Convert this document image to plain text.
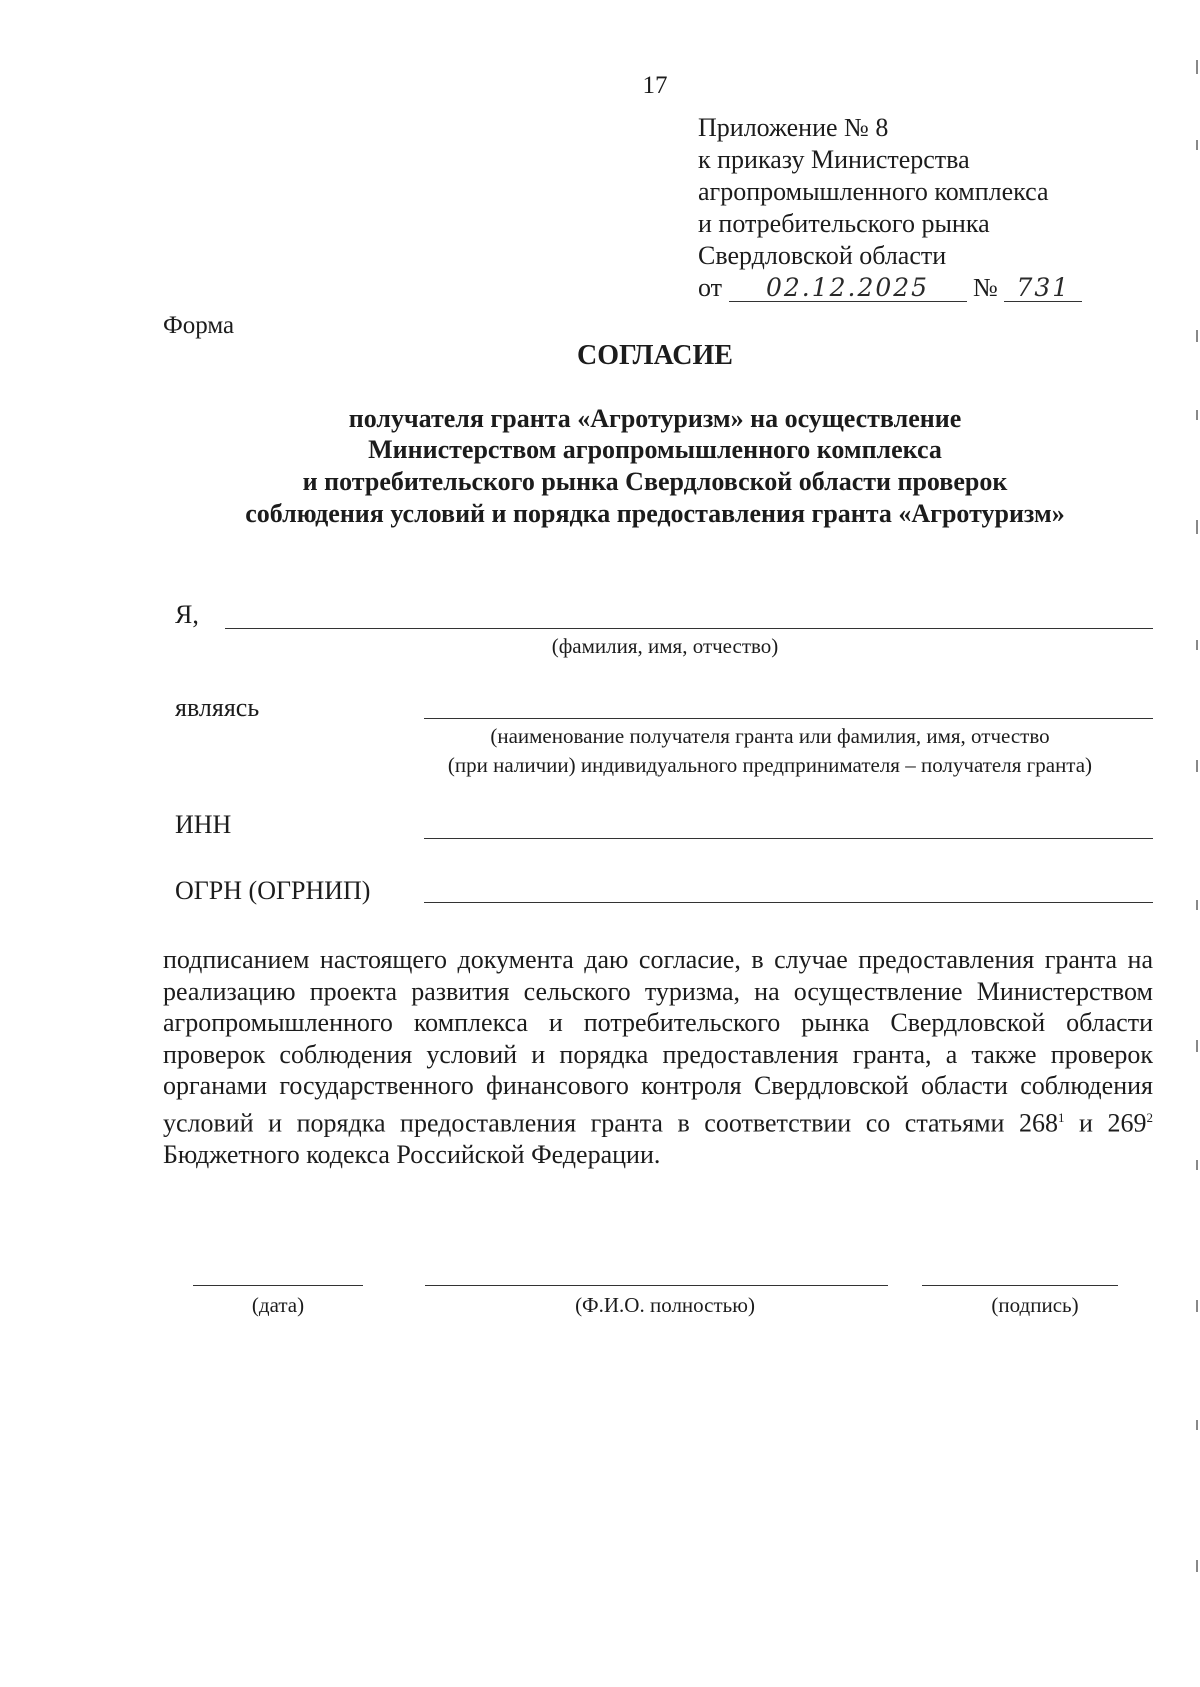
17
Приложение № 8
к приказу Министерства
агропромышленного комплекса
и потребительского рынка
Свердловской области
от 02.12.2025 № 731
Форма
СОГЛАСИЕ
получателя гранта «Агротуризм» на осуществление
Министерством агропромышленного комплекса
и потребительского рынка Свердловской области проверок
соблюдения условий и порядка предоставления гранта «Агротуризм»
Я,
(фамилия, имя, отчество)
являясь
(наименование получателя гранта или фамилия, имя, отчество
(при наличии) индивидуального предпринимателя – получателя гранта)
ИНН
ОГРН (ОГРНИП)
подписанием настоящего документа даю согласие, в случае предоставления гранта на реализацию проекта развития сельского туризма, на осуществление Министерством агропромышленного комплекса и потребительского рынка Свердловской области проверок соблюдения условий и порядка предоставления гранта, а также проверок органами государственного финансового контроля Свердловской области соблюдения условий и порядка предоставления гранта в соответствии со статьями $268^1$ и $269^2$ Бюджетного кодекса Российской Федерации.
(дата)	(Ф.И.О. полностью)	(подпись)
